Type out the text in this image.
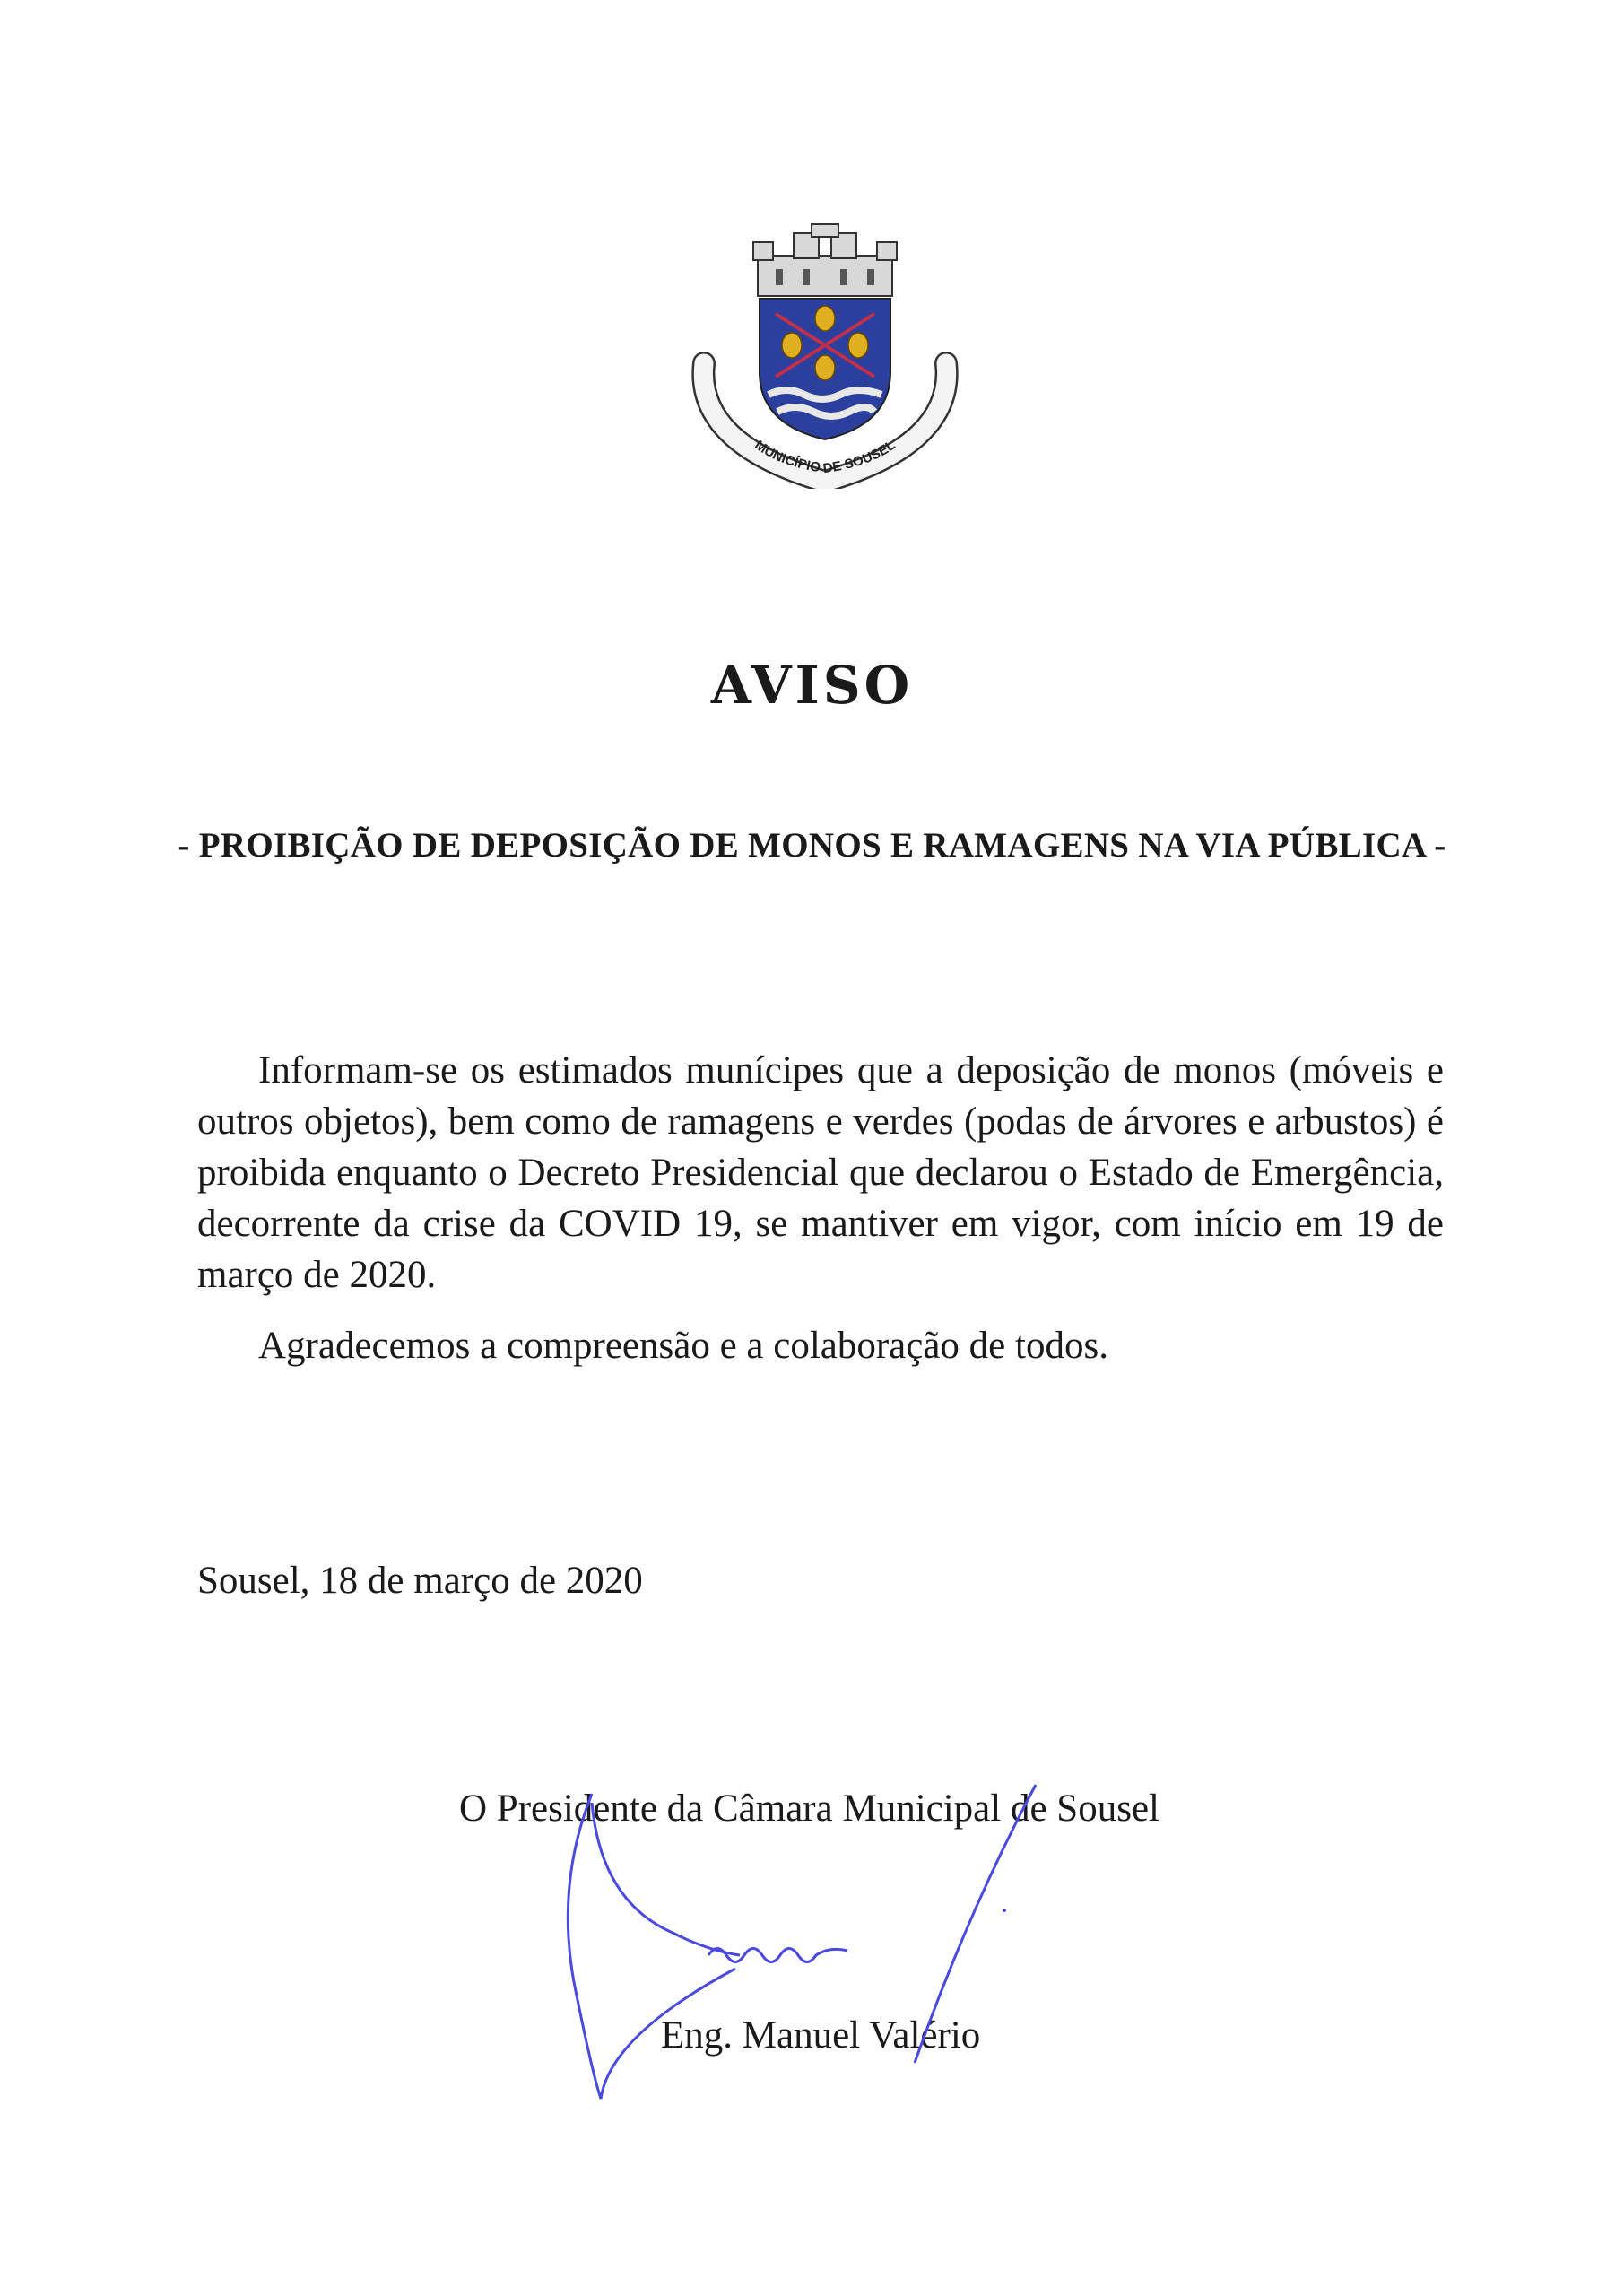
MUNICÍPIO DE SOUSEL
AVISO
- PROIBIÇÃO DE DEPOSIÇÃO DE MONOS E RAMAGENS NA VIA PÚBLICA -

Informam-se os estimados munícipes que a deposição de monos (móveis e outros objetos), bem como de ramagens e verdes (podas de árvores e arbustos) é proibida enquanto o Decreto Presidencial que declarou o Estado de Emergência, decorrente da crise da COVID 19, se mantiver em vigor, com início em 19 de março de 2020.

Agradecemos a compreensão e a colaboração de todos.

Sousel, 18 de março de 2020
O Presidente da Câmara Municipal de Sousel
Eng. Manuel Valério
